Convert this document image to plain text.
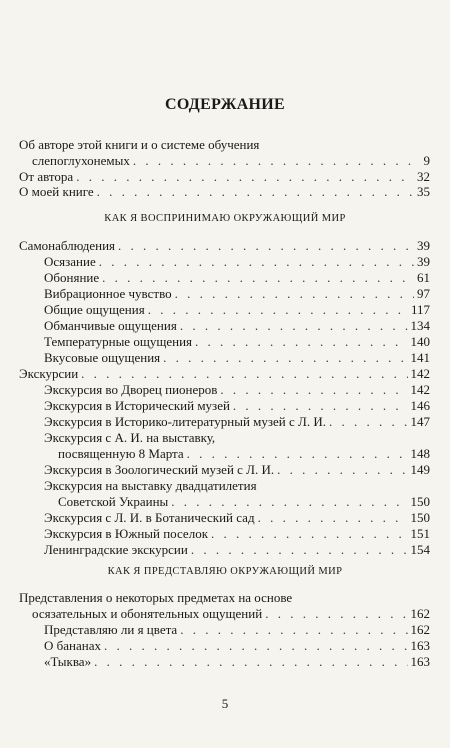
СОДЕРЖАНИЕ
Об авторе этой книги и о системе обучения
слепоглухонемых . . .	9
От автора . . .	32
О моей книге . . .	35
КАК Я ВОСПРИНИМАЮ ОКРУЖАЮЩИЙ МИР
Самонаблюдения . . .	39
Осязание . . .	39
Обоняние . . .	61
Вибрационное чувство . . .	97
Общие ощущения . . .	117
Обманчивые ощущения . . .	134
Температурные ощущения . . .	140
Вкусовые ощущения . . .	141
Экскурсии . . .	142
Экскурсия во Дворец пионеров . . .	142
Экскурсия в Исторический музей . . .	146
Экскурсия в Историко-литературный музей с Л. И. . . .	147
Экскурсия с А. И. на выставку,
посвященную 8 Марта . . .	148
Экскурсия в Зоологический музей с Л. И. . . .	149
Экскурсия на выставку двадцатилетия
Советской Украины . . .	150
Экскурсия с Л. И. в Ботанический сад . . .	150
Экскурсия в Южный поселок . . .	151
Ленинградские экскурсии . . .	154
КАК Я ПРЕДСТАВЛЯЮ ОКРУЖАЮЩИЙ МИР
Представления о некоторых предметах на основе
осязательных и обонятельных ощущений . . .	162
Представляю ли я цвета . . .	162
О бананах . . .	163
«Тыква» . . .	163
5
